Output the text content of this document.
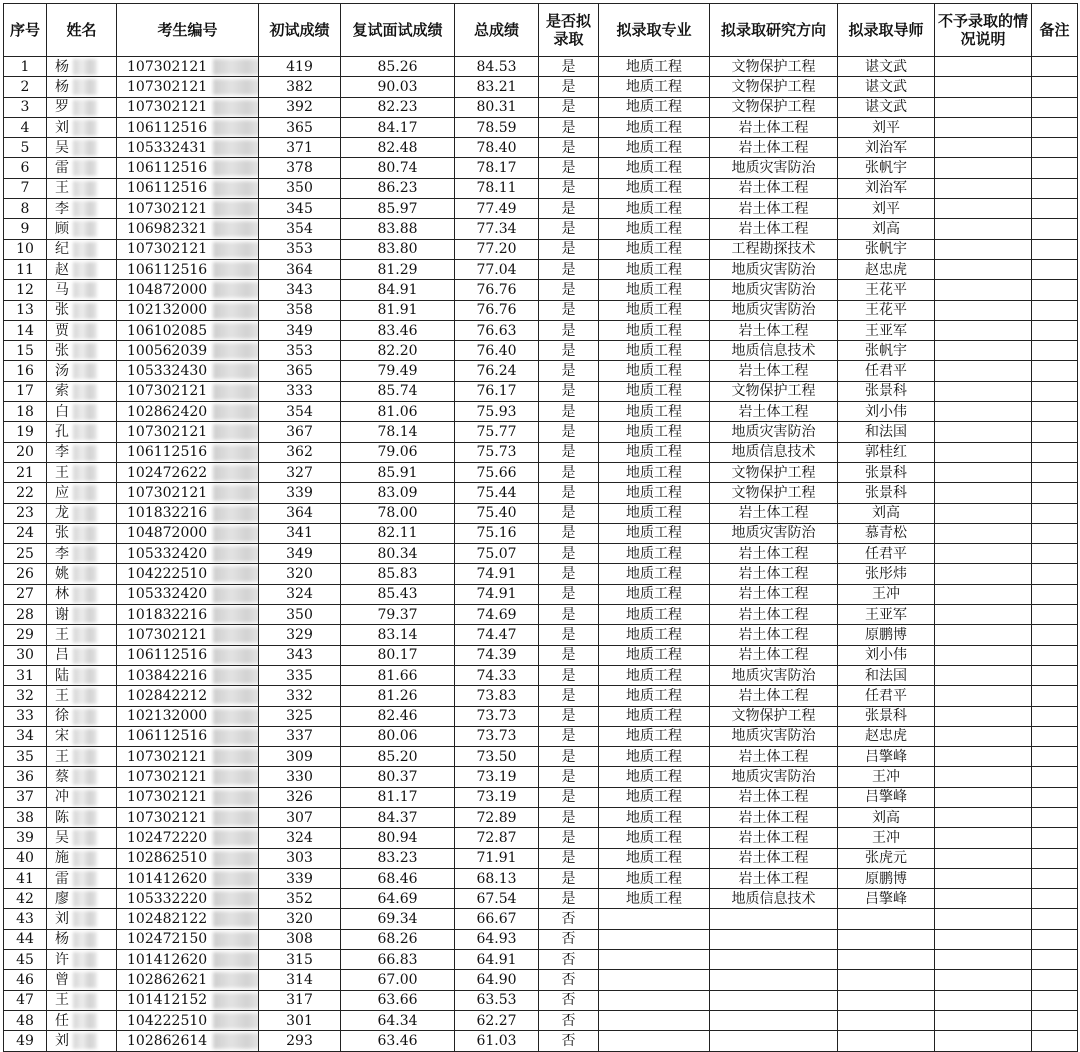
序号	姓名	考生编号	初试成绩	复试面试成绩	总成绩	是否拟录取	拟录取专业	拟录取研究方向	拟录取导师	不予录取的情况说明	备注
1	杨	107302121	419	85.26	84.53	是	地质工程	文物保护工程	谌文武		
2	杨	107302121	382	90.03	83.21	是	地质工程	文物保护工程	谌文武		
3	罗	107302121	392	82.23	80.31	是	地质工程	文物保护工程	谌文武		
4	刘	106112516	365	84.17	78.59	是	地质工程	岩土体工程	刘平		
5	吴	105332431	371	82.48	78.40	是	地质工程	岩土体工程	刘治军		
6	雷	106112516	378	80.74	78.17	是	地质工程	地质灾害防治	张帆宇		
7	王	106112516	350	86.23	78.11	是	地质工程	岩土体工程	刘治军		
8	李	107302121	345	85.97	77.49	是	地质工程	岩土体工程	刘平		
9	顾	106982321	354	83.88	77.34	是	地质工程	岩土体工程	刘高		
10	纪	107302121	353	83.80	77.20	是	地质工程	工程勘探技术	张帆宇		
11	赵	106112516	364	81.29	77.04	是	地质工程	地质灾害防治	赵忠虎		
12	马	104872000	343	84.91	76.76	是	地质工程	地质灾害防治	王花平		
13	张	102132000	358	81.91	76.76	是	地质工程	地质灾害防治	王花平		
14	贾	106102085	349	83.46	76.63	是	地质工程	岩土体工程	王亚军		
15	张	100562039	353	82.20	76.40	是	地质工程	地质信息技术	张帆宇		
16	汤	105332430	365	79.49	76.24	是	地质工程	岩土体工程	任君平		
17	索	107302121	333	85.74	76.17	是	地质工程	文物保护工程	张景科		
18	白	102862420	354	81.06	75.93	是	地质工程	岩土体工程	刘小伟		
19	孔	107302121	367	78.14	75.77	是	地质工程	地质灾害防治	和法国		
20	李	106112516	362	79.06	75.73	是	地质工程	地质信息技术	郭桂红		
21	王	102472622	327	85.91	75.66	是	地质工程	文物保护工程	张景科		
22	应	107302121	339	83.09	75.44	是	地质工程	文物保护工程	张景科		
23	龙	101832216	364	78.00	75.40	是	地质工程	岩土体工程	刘高		
24	张	104872000	341	82.11	75.16	是	地质工程	地质灾害防治	慕青松		
25	李	105332420	349	80.34	75.07	是	地质工程	岩土体工程	任君平		
26	姚	104222510	320	85.83	74.91	是	地质工程	岩土体工程	张彤炜		
27	林	105332420	324	85.43	74.91	是	地质工程	岩土体工程	王冲		
28	谢	101832216	350	79.37	74.69	是	地质工程	岩土体工程	王亚军		
29	王	107302121	329	83.14	74.47	是	地质工程	岩土体工程	原鹏博		
30	吕	106112516	343	80.17	74.39	是	地质工程	岩土体工程	刘小伟		
31	陆	103842216	335	81.66	74.33	是	地质工程	地质灾害防治	和法国		
32	王	102842212	332	81.26	73.83	是	地质工程	岩土体工程	任君平		
33	徐	102132000	325	82.46	73.73	是	地质工程	文物保护工程	张景科		
34	宋	106112516	337	80.06	73.73	是	地质工程	地质灾害防治	赵忠虎		
35	王	107302121	309	85.20	73.50	是	地质工程	岩土体工程	吕擎峰		
36	蔡	107302121	330	80.37	73.19	是	地质工程	地质灾害防治	王冲		
37	冲	107302121	326	81.17	73.19	是	地质工程	岩土体工程	吕擎峰		
38	陈	107302121	307	84.37	72.89	是	地质工程	岩土体工程	刘高		
39	吴	102472220	324	80.94	72.87	是	地质工程	岩土体工程	王冲		
40	施	102862510	303	83.23	71.91	是	地质工程	岩土体工程	张虎元		
41	雷	101412620	339	68.46	68.13	是	地质工程	岩土体工程	原鹏博		
42	廖	105332220	352	64.69	67.54	是	地质工程	地质信息技术	吕擎峰		
43	刘	102482122	320	69.34	66.67	否					
44	杨	102472150	308	68.26	64.93	否					
45	许	101412620	315	66.83	64.91	否					
46	曾	102862621	314	67.00	64.90	否					
47	王	101412152	317	63.66	63.53	否					
48	任	104222510	301	64.34	62.27	否					
49	刘	102862614	293	63.46	61.03	否					
